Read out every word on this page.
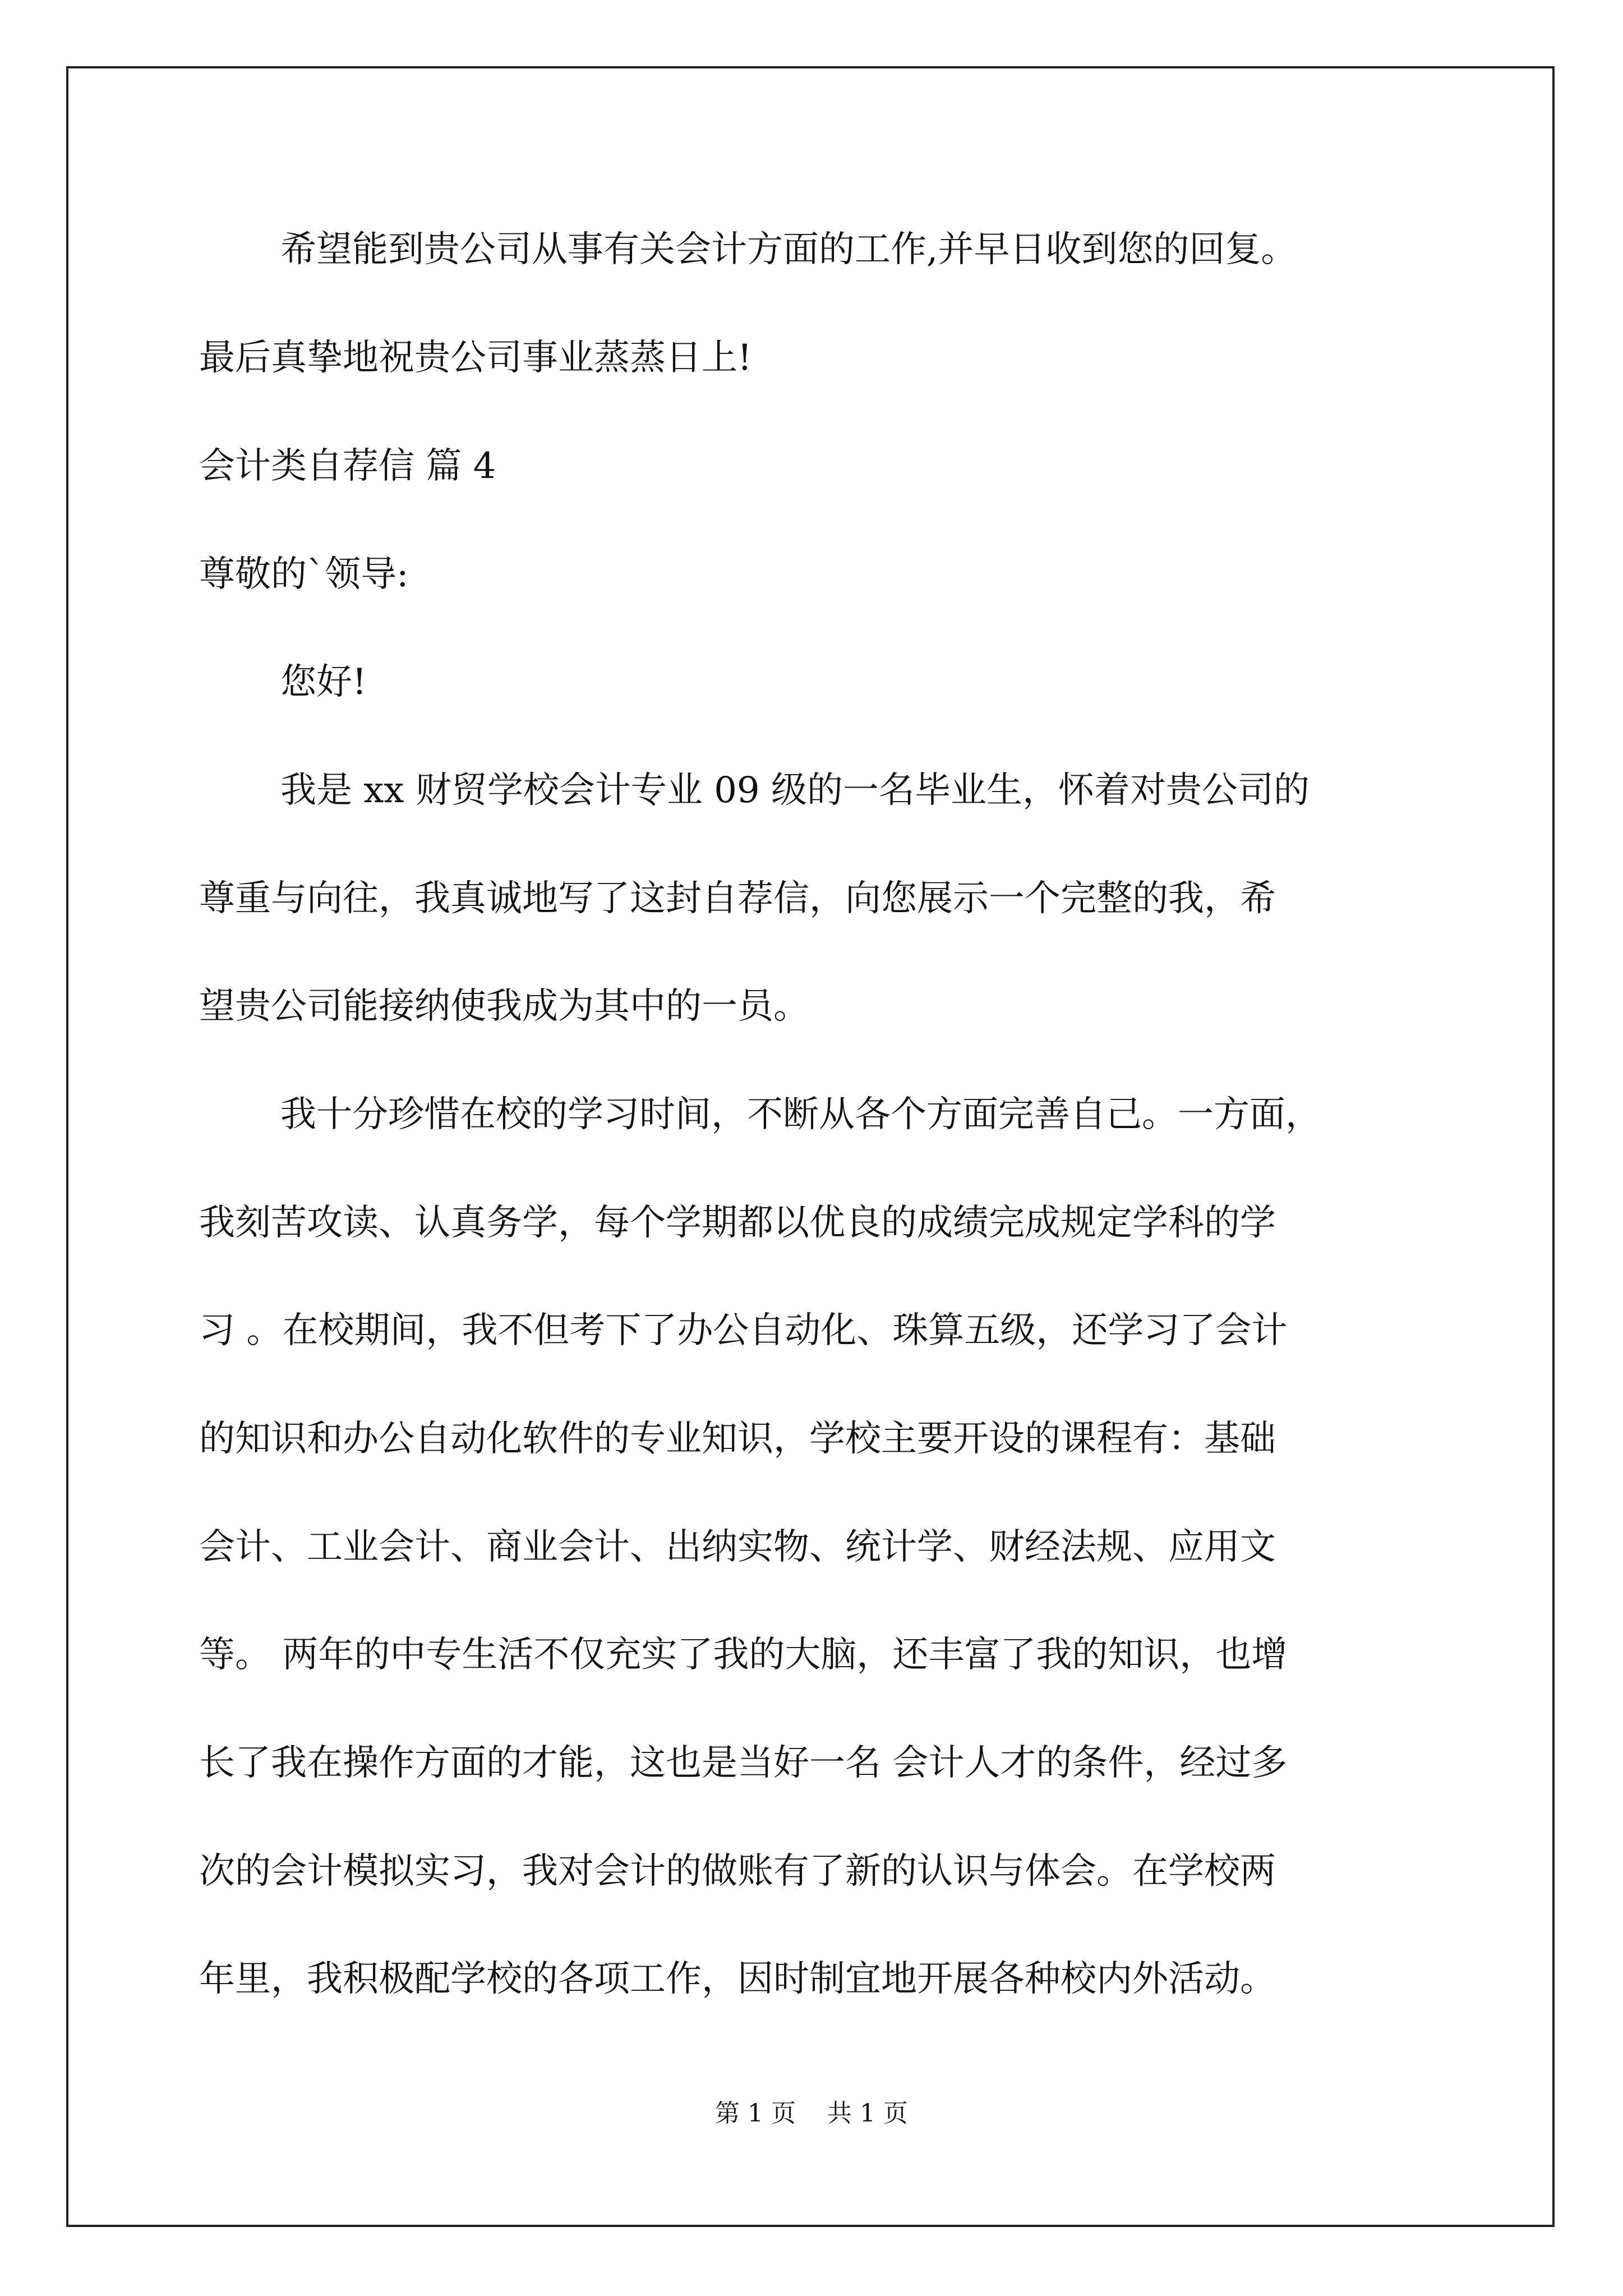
希望能到贵公司从事有关会计方面的工作,并早日收到您的回复。
最后真挚地祝贵公司事业蒸蒸日上!
会计类自荐信 篇 4
尊敬的`领导:
您好!
我是 xx 财贸学校会计专业 09 级的一名毕业生，怀着对贵公司的
尊重与向往，我真诚地写了这封自荐信，向您展示一个完整的我，希
望贵公司能接纳使我成为其中的一员。
我十分珍惜在校的学习时间，不断从各个方面完善自己。一方面，
我刻苦攻读、认真务学，每个学期都以优良的成绩完成规定学科的学
习 。在校期间，我不但考下了办公自动化、珠算五级，还学习了会计
的知识和办公自动化软件的专业知识，学校主要开设的课程有：基础
会计、工业会计、商业会计、出纳实物、统计学、财经法规、应用文
等。 两年的中专生活不仅充实了我的大脑，还丰富了我的知识，也增
长了我在操作方面的才能，这也是当好一名 会计人才的条件，经过多
次的会计模拟实习，我对会计的做账有了新的认识与体会。在学校两
年里，我积极配学校的各项工作，因时制宜地开展各种校内外活动。
第 1 页    共 1 页
